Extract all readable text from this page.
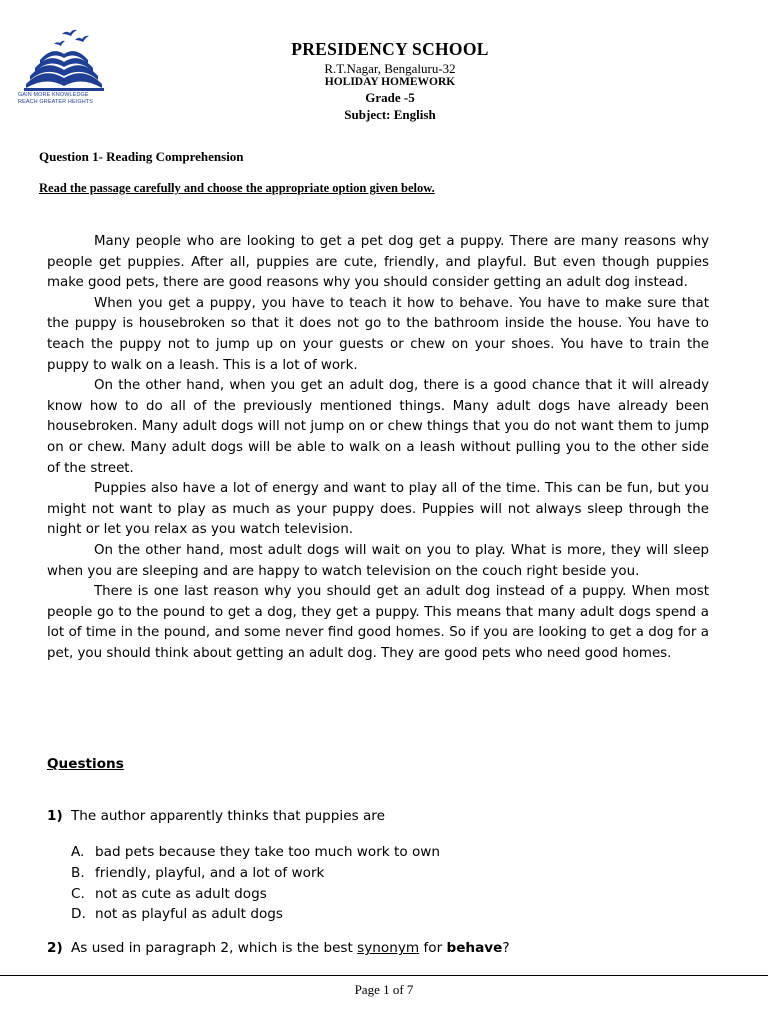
GAIN MORE KNOWLEDGE
REACH GREATER HEIGHTS
PRESIDENCY SCHOOL
R.T.Nagar, Bengaluru-32
HOLIDAY HOMEWORK
Grade -5
Subject: English
Question 1- Reading Comprehension
Read the passage carefully and choose the appropriate option given below.

Many people who are looking to get a pet dog get a puppy. There are many reasons why people get puppies. After all, puppies are cute, friendly, and playful. But even though puppies make good pets, there are good reasons why you should consider getting an adult dog instead.

When you get a puppy, you have to teach it how to behave. You have to make sure that the puppy is housebroken so that it does not go to the bathroom inside the house. You have to teach the puppy not to jump up on your guests or chew on your shoes. You have to train the puppy to walk on a leash. This is a lot of work.

On the other hand, when you get an adult dog, there is a good chance that it will already know how to do all of the previously mentioned things. Many adult dogs have already been housebroken. Many adult dogs will not jump on or chew things that you do not want them to jump on or chew. Many adult dogs will be able to walk on a leash without pulling you to the other side of the street.

Puppies also have a lot of energy and want to play all of the time. This can be fun, but you might not want to play as much as your puppy does. Puppies will not always sleep through the night or let you relax as you watch television.

On the other hand, most adult dogs will wait on you to play. What is more, they will sleep when you are sleeping and are happy to watch television on the couch right beside you.

There is one last reason why you should get an adult dog instead of a puppy. When most people go to the pound to get a dog, they get a puppy. This means that many adult dogs spend a lot of time in the pound, and some never find good homes. So if you are looking to get a dog for a pet, you should think about getting an adult dog. They are good pets who need good homes.

Questions
1) The author apparently thinks that puppies are
A. bad pets because they take too much work to own
B. friendly, playful, and a lot of work
C. not as cute as adult dogs
D. not as playful as adult dogs
2) As used in paragraph 2, which is the best synonym for behave?
Page 1 of 7
